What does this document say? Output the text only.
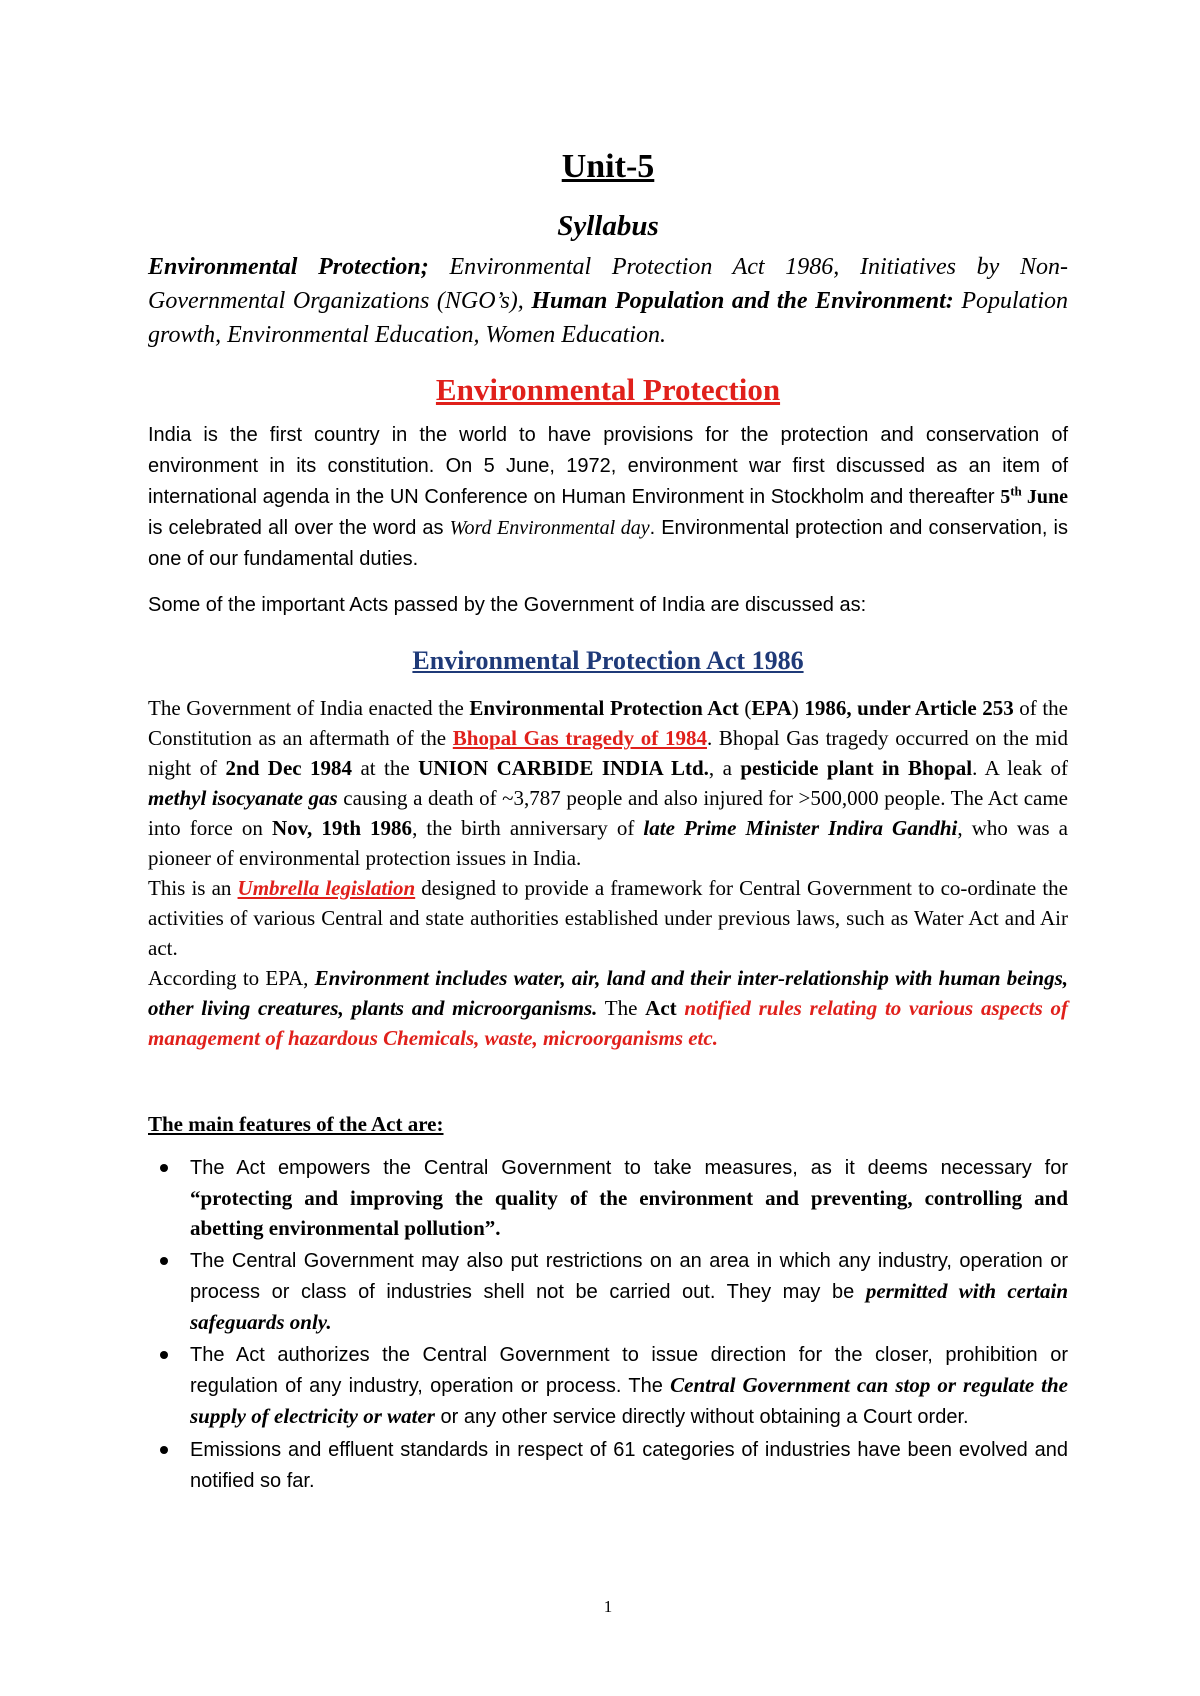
Unit-5
Syllabus
Environmental Protection; Environmental Protection Act 1986, Initiatives by Non-Governmental Organizations (NGO’s), Human Population and the Environment: Population growth, Environmental Education, Women Education.
Environmental Protection
India is the first country in the world to have provisions for the protection and conservation of environment in its constitution. On 5 June, 1972, environment war first discussed as an item of international agenda in the UN Conference on Human Environment in Stockholm and thereafter 5th June is celebrated all over the word as Word Environmental day. Environmental protection and conservation, is one of our fundamental duties.
Some of the important Acts passed by the Government of India are discussed as:
Environmental Protection Act 1986
The Government of India enacted the Environmental Protection Act (EPA) 1986, under Article 253 of the Constitution as an aftermath of the Bhopal Gas tragedy of 1984. Bhopal Gas tragedy occurred on the mid night of 2nd Dec 1984 at the UNION CARBIDE INDIA Ltd., a pesticide plant in Bhopal. A leak of methyl isocyanate gas causing a death of ~3,787 people and also injured for >500,000 people. The Act came into force on Nov, 19th 1986, the birth anniversary of late Prime Minister Indira Gandhi, who was a pioneer of environmental protection issues in India.
This is an Umbrella legislation designed to provide a framework for Central Government to co-ordinate the activities of various Central and state authorities established under previous laws, such as Water Act and Air act.
According to EPA, Environment includes water, air, land and their inter-relationship with human beings, other living creatures, plants and microorganisms. The Act notified rules relating to various aspects of management of hazardous Chemicals, waste, microorganisms etc.
The main features of the Act are:
The Act empowers the Central Government to take measures, as it deems necessary for “protecting and improving the quality of the environment and preventing, controlling and abetting environmental pollution”.
The Central Government may also put restrictions on an area in which any industry, operation or process or class of industries shell not be carried out. They may be permitted with certain safeguards only.
The Act authorizes the Central Government to issue direction for the closer, prohibition or regulation of any industry, operation or process. The Central Government can stop or regulate the supply of electricity or water or any other service directly without obtaining a Court order.
Emissions and effluent standards in respect of 61 categories of industries have been evolved and notified so far.
1
